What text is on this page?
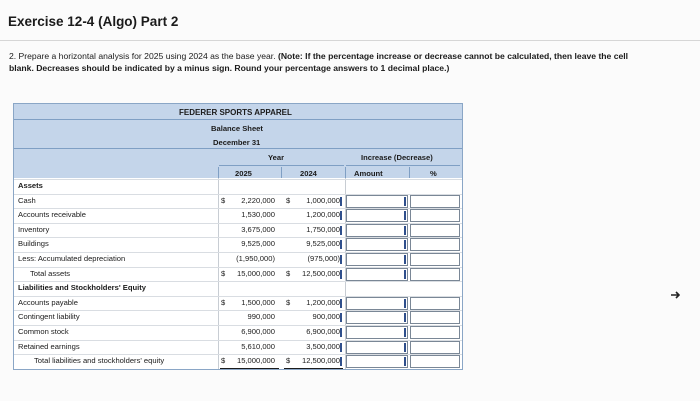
Exercise 12-4 (Algo) Part 2
2. Prepare a horizontal analysis for 2025 using 2024 as the base year. (Note: If the percentage increase or decrease cannot be calculated, then leave the cell blank. Decreases should be indicated by a minus sign. Round your percentage answers to 1 decimal place.)
FEDERER SPORTS APPAREL
Balance Sheet
December 31
Year
2025	2024
Increase (Decrease)
Amount	%
Assets
Cash	$	2,220,000 $	1,000,000
Accounts receivable	1,530,000	1,200,000
Inventory	3,675,000	1,750,000
Buildings	9,525,000	9,525,000
Less: Accumulated depreciation	(1,950,000)	(975,000)
Total assets	$	15,000,000 $	12,500,000
Liabilities and Stockholders' Equity
Accounts payable	$	1,500,000 $	1,200,000
Contingent liability	990,000	900,000
Common stock	6,900,000	6,900,000
Retained earnings	5,610,000	3,500,000
Total liabilities and stockholders' equity	$	15,000,000 $	12,500,000
